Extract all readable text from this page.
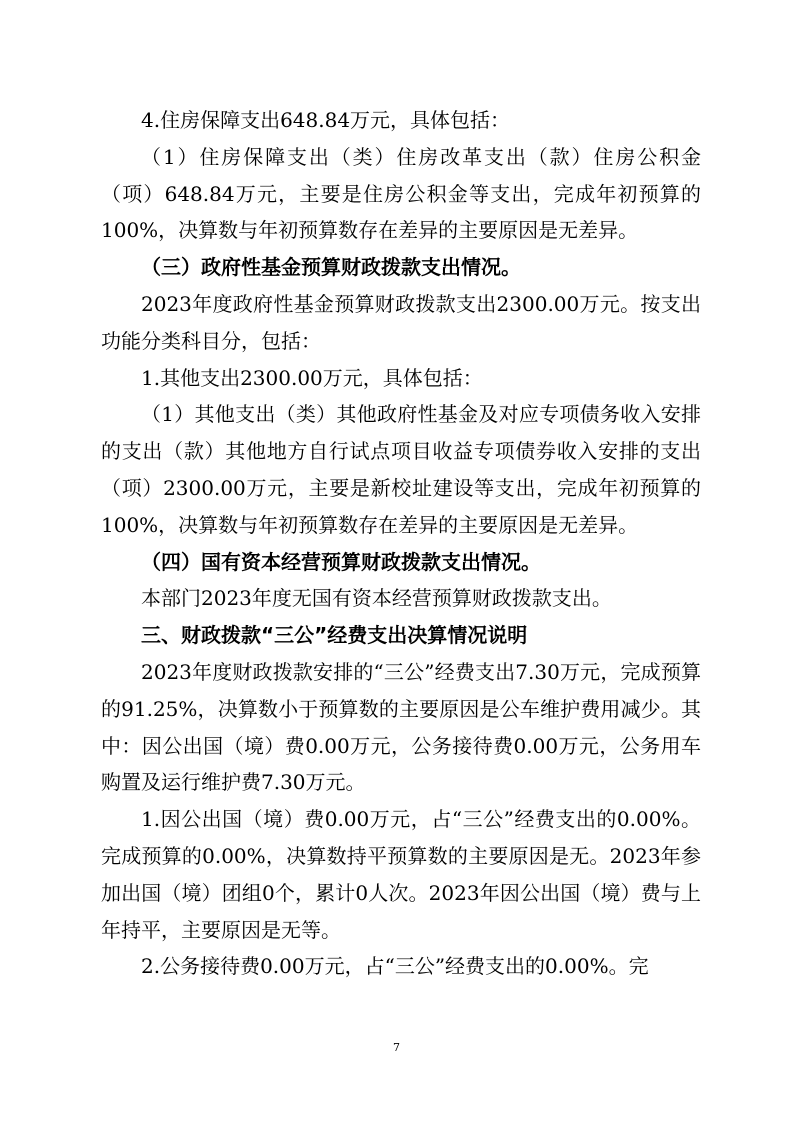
4.住房保障支出648.84万元，具体包括：

（1）住房保障支出（类）住房改革支出（款）住房公积金（项）648.84万元，主要是住房公积金等支出，完成年初预算的100%，决算数与年初预算数存在差异的主要原因是无差异。

（三）政府性基金预算财政拨款支出情况。

2023年度政府性基金预算财政拨款支出2300.00万元。按支出功能分类科目分，包括：

1.其他支出2300.00万元，具体包括：

（1）其他支出（类）其他政府性基金及对应专项债务收入安排的支出（款）其他地方自行试点项目收益专项债券收入安排的支出（项）2300.00万元，主要是新校址建设等支出，完成年初预算的100%，决算数与年初预算数存在差异的主要原因是无差异。

（四）国有资本经营预算财政拨款支出情况。

本部门2023年度无国有资本经营预算财政拨款支出。

三、财政拨款“三公”经费支出决算情况说明

2023年度财政拨款安排的“三公”经费支出7.30万元，完成预算的91.25%，决算数小于预算数的主要原因是公车维护费用减少。其中：因公出国（境）费0.00万元，公务接待费0.00万元，公务用车购置及运行维护费7.30万元。

1.因公出国（境）费0.00万元，占“三公”经费支出的0.00%。完成预算的0.00%，决算数持平预算数的主要原因是无。2023年参加出国（境）团组0个，累计0人次。2023年因公出国（境）费与上年持平，主要原因是无等。

2.公务接待费0.00万元，占“三公”经费支出的0.00%。完

7
